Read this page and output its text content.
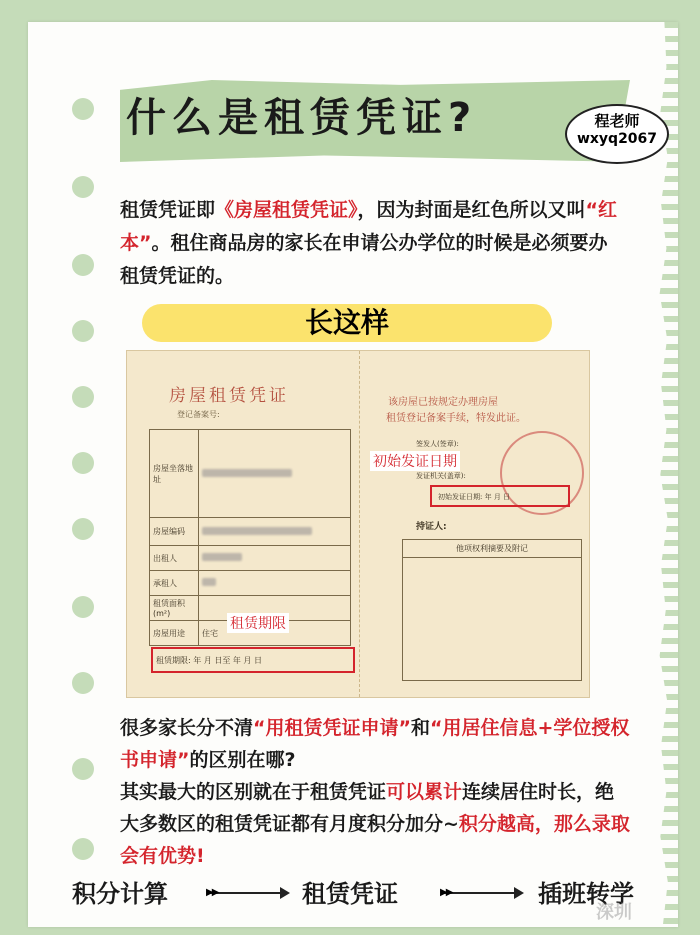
什么是租赁凭证?	程老师
wxyq2067
租赁凭证即《房屋租赁凭证》，因为封面是红色所以又叫“红本”。租住商品房的家长在申请公办学位的时候是必须要办租赁凭证的。
长这样
房屋租赁凭证
登记备案号:
房屋坐落地址	
房屋编码	
出租人	
承租人	
租赁面积(m²)	
房屋用途	住宅
租赁期限
租赁期限: 年 月 日至 年 月 日
该房屋已按规定办理房屋
租赁登记备案手续，特发此证。
签发人(签章):
初始发证日期
发证机关(盖章):
初始发证日期: 年 月 日
持证人:
他项权利摘要及附记
很多家长分不清“用租赁凭证申请”和“用居住信息+学位授权书申请”的区别在哪?
其实最大的区别就在于租赁凭证可以累计连续居住时长，绝大多数区的租赁凭证都有月度积分加分~积分越高，那么录取会有优势!
积分计算	▶▶	租赁凭证	▶▶	插班转学
深圳
